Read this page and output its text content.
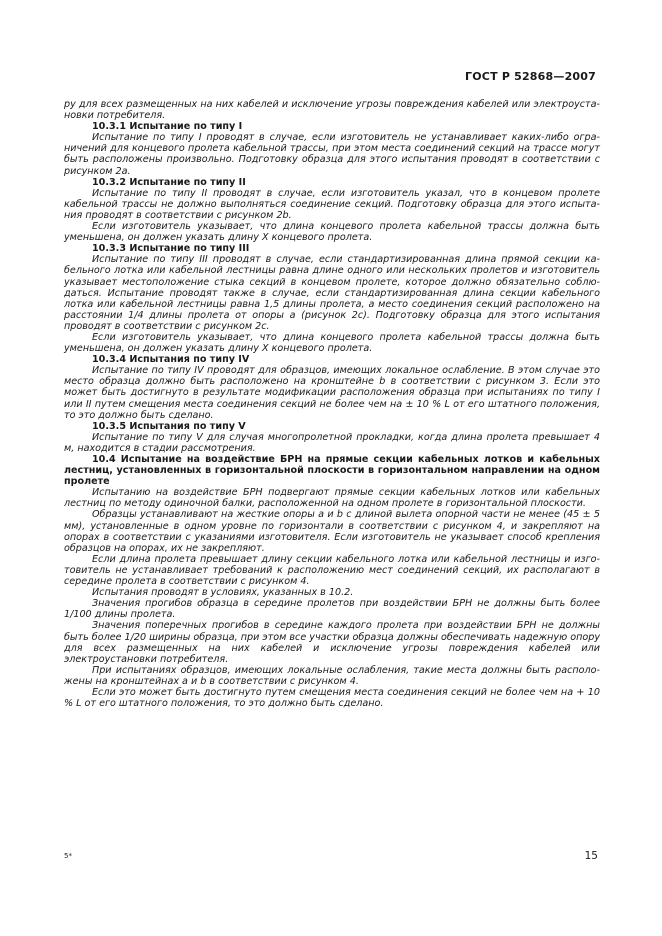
ГОСТ Р 52868—2007

ру для всех размещенных на них кабелей и исключение угрозы повреждения кабелей или электроустановки потребителя.

10.3.1 Испытание по типу I

Испытание по типу I проводят в случае, если изготовитель не устанавливает каких-либо ограничений для концевого пролета кабельной трассы, при этом места соединений секций на трассе могут быть расположены произвольно. Подготовку образца для этого испытания проводят в соответствии с рисунком 2а.

10.3.2 Испытание по типу II

Испытание по типу II проводят в случае, если изготовитель указал, что в концевом пролете кабельной трассы не должно выполняться соединение секций. Подготовку образца для этого испытания проводят в соответствии с рисунком 2b.

Если изготовитель указывает, что длина концевого пролета кабельной трассы должна быть уменьшена, он должен указать длину Х концевого пролета.

10.3.3 Испытание по типу III

Испытание по типу III проводят в случае, если стандартизированная длина прямой секции кабельного лотка или кабельной лестницы равна длине одного или нескольких пролетов и изготовитель указывает местоположение стыка секций в концевом пролете, которое должно обязательно соблюдаться. Испытание проводят также в случае, если стандартизированная длина секции кабельного лотка или кабельной лестницы равна 1,5 длины пролета, а место соединения секций расположено на расстоянии 1/4 длины пролета от опоры а (рисунок 2с). Подготовку образца для этого испытания проводят в соответствии с рисунком 2с.

Если изготовитель указывает, что длина концевого пролета кабельной трассы должна быть уменьшена, он должен указать длину Х концевого пролета.

10.3.4 Испытания по типу IV

Испытание по типу IV проводят для образцов, имеющих локальное ослабление. В этом случае это место образца должно быть расположено на кронштейне b в соответствии с рисунком 3. Если это может быть достигнуто в результате модификации расположения образца при испытаниях по типу I или II путем смещения места соединения секций не более чем на ± 10 % L от его штатного положения, то это должно быть сделано.

10.3.5 Испытания по типу V

Испытание по типу V для случая многопролетной прокладки, когда длина пролета превышает 4 м, находится в стадии рассмотрения.

10.4 Испытание на воздействие БРН на прямые секции кабельных лотков и кабельных лестниц, установленных в горизонтальной плоскости в горизонтальном направлении на одном пролете

Испытанию на воздействие БРН подвергают прямые секции кабельных лотков или кабельных лестниц по методу одиночной балки, расположенной на одном пролете в горизонтальной плоскости.

Образцы устанавливают на жесткие опоры а и b с длиной вылета опорной части не менее (45 ± 5 мм), установленные в одном уровне по горизонтали в соответствии с рисунком 4, и закрепляют на опорах в соответствии с указаниями изготовителя. Если изготовитель не указывает способ крепления образцов на опорах, их не закрепляют.

Если длина пролета превышает длину секции кабельного лотка или кабельной лестницы и изготовитель не устанавливает требований к расположению мест соединений секций, их располагают в середине пролета в соответствии с рисунком 4.

Испытания проводят в условиях, указанных в 10.2.

Значения прогибов образца в середине пролетов при воздействии БРН не должны быть более 1/100 длины пролета.

Значения поперечных прогибов в середине каждого пролета при воздействии БРН не должны быть более 1/20 ширины образца, при этом все участки образца должны обеспечивать надежную опору для всех размещенных на них кабелей и исключение угрозы повреждения кабелей или электроустановки потребителя.

При испытаниях образцов, имеющих локальные ослабления, такие места должны быть расположены на кронштейнах а и b в соответствии с рисунком 4.

Если это может быть достигнуто путем смещения места соединения секций не более чем на + 10 % L от его штатного положения, то это должно быть сделано.

5*	15
